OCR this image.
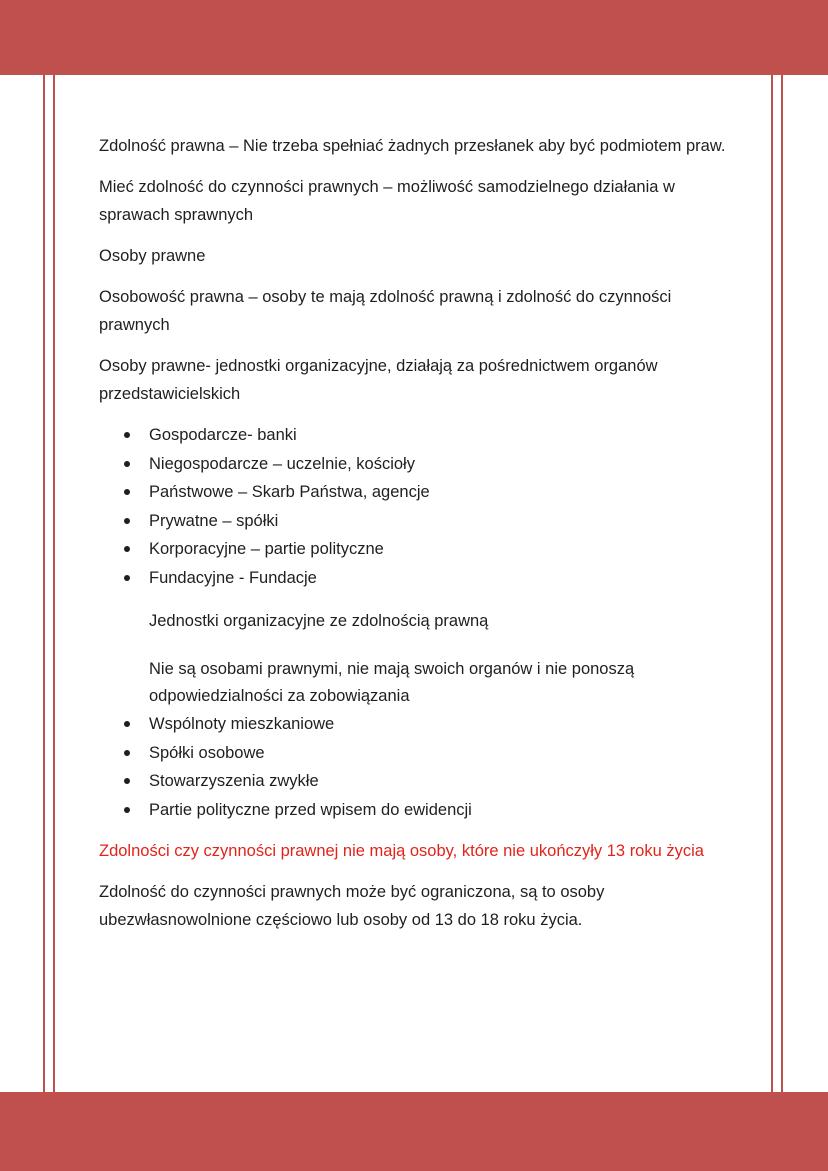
Zdolność prawna – Nie trzeba spełniać żadnych przesłanek aby być podmiotem praw.

Mieć zdolność do czynności prawnych – możliwość samodzielnego działania w sprawach sprawnych

Osoby prawne

Osobowość prawna – osoby te mają zdolność prawną i zdolność do czynności prawnych

Osoby prawne- jednostki organizacyjne, działają za pośrednictwem organów przedstawicielskich

Gospodarcze- banki
Niegospodarcze – uczelnie, kościoły
Państwowe – Skarb Państwa, agencje
Prywatne – spółki
Korporacyjne – partie polityczne
Fundacyjne - Fundacje

Jednostki organizacyjne ze zdolnością prawną

Nie są osobami prawnymi, nie mają swoich organów i nie ponoszą odpowiedzialności za zobowiązania

Wspólnoty mieszkaniowe
Spółki osobowe
Stowarzyszenia zwykłe
Partie polityczne przed wpisem do ewidencji

Zdolności czy czynności prawnej nie mają osoby, które nie ukończyły 13 roku życia

Zdolność do czynności prawnych może być ograniczona, są to osoby ubezwłasnowolnione częściowo lub osoby od 13 do 18 roku życia.
